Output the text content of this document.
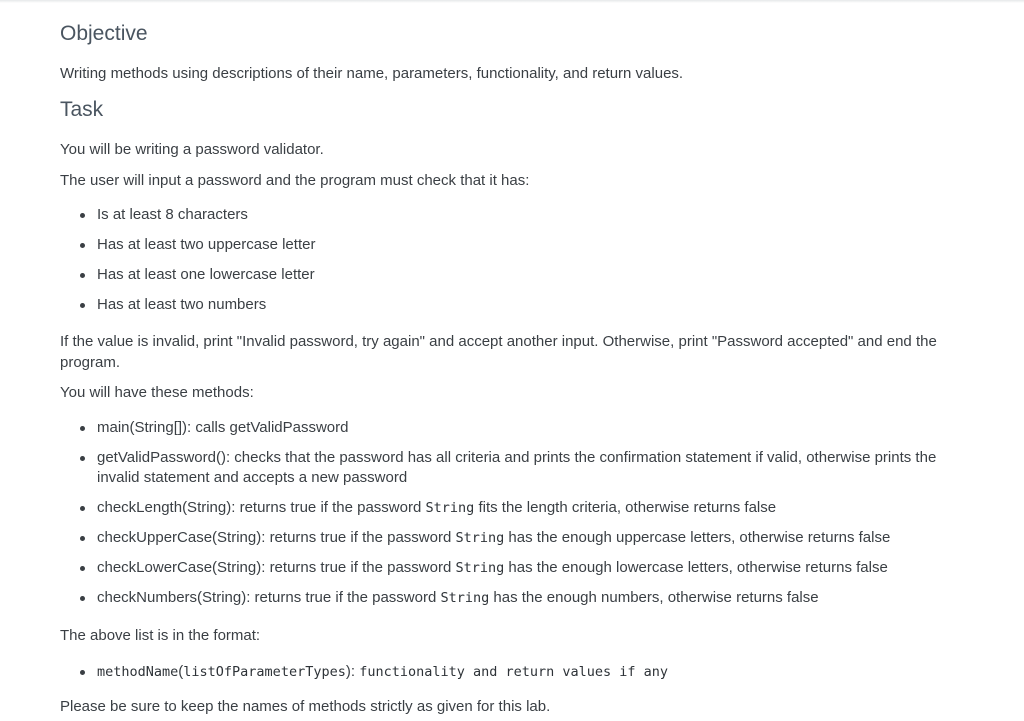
Objective

Writing methods using descriptions of their name, parameters, functionality, and return values.

Task

You will be writing a password validator.

The user will input a password and the program must check that it has:

Is at least 8 characters
Has at least two uppercase letter
Has at least one lowercase letter
Has at least two numbers

If the value is invalid, print "Invalid password, try again" and accept another input. Otherwise, print "Password accepted" and end the program.

You will have these methods:

main(String[]): calls getValidPassword
getValidPassword(): checks that the password has all criteria and prints the confirmation statement if valid, otherwise prints the invalid statement and accepts a new password
checkLength(String): returns true if the password String fits the length criteria, otherwise returns false
checkUpperCase(String): returns true if the password String has the enough uppercase letters, otherwise returns false
checkLowerCase(String): returns true if the password String has the enough lowercase letters, otherwise returns false
checkNumbers(String): returns true if the password String has the enough numbers, otherwise returns false

The above list is in the format:

methodName(listOfParameterTypes): functionality and return values if any

Please be sure to keep the names of methods strictly as given for this lab.
